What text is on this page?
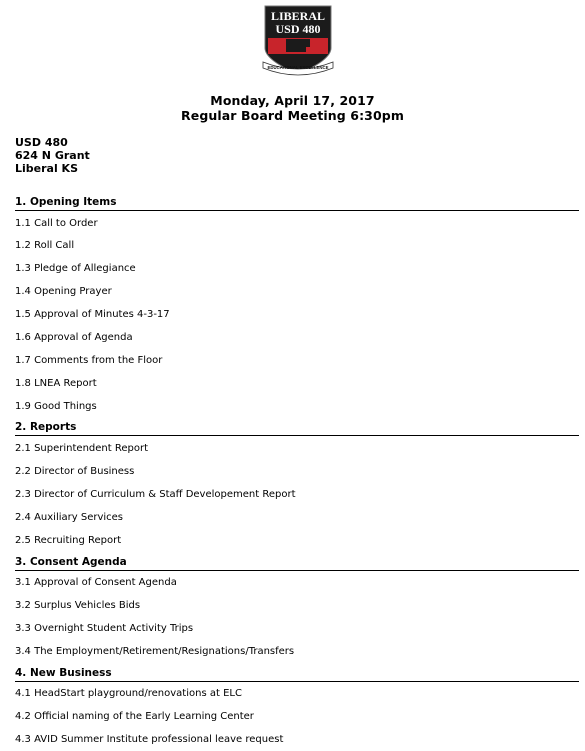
LIBERAL
USD 480
EDUCATIONAL EXCELLENCE
Monday, April 17, 2017
Regular Board Meeting 6:30pm
USD 480
624 N Grant
Liberal KS
1. Opening Items
1.1 Call to Order
1.2 Roll Call
1.3 Pledge of Allegiance
1.4 Opening Prayer
1.5 Approval of Minutes 4-3-17
1.6 Approval of Agenda
1.7 Comments from the Floor
1.8 LNEA Report
1.9 Good Things
2. Reports
2.1 Superintendent Report
2.2 Director of Business
2.3 Director of Curriculum & Staff Developement Report
2.4 Auxiliary Services
2.5 Recruiting Report
3. Consent Agenda
3.1 Approval of Consent Agenda
3.2 Surplus Vehicles Bids
3.3 Overnight Student Activity Trips
3.4 The Employment/Retirement/Resignations/Transfers
4. New Business
4.1 HeadStart playground/renovations at ELC
4.2 Official naming of the Early Learning Center
4.3 AVID Summer Institute professional leave request
